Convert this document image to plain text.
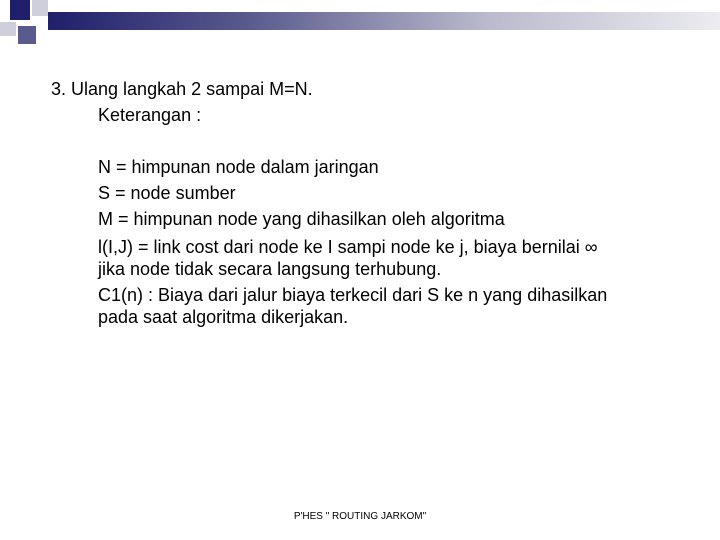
3. Ulang langkah 2 sampai M=N.
Keterangan :
N = himpunan node dalam jaringan
S = node sumber
M = himpunan node yang dihasilkan oleh algoritma
l(I,J) = link cost dari node ke I sampi node ke j, biaya bernilai ∞
jika node tidak secara langsung terhubung.
C1(n) : Biaya dari jalur biaya terkecil dari S ke n yang dihasilkan
pada saat algoritma dikerjakan.
P'HES " ROUTING JARKOM"
